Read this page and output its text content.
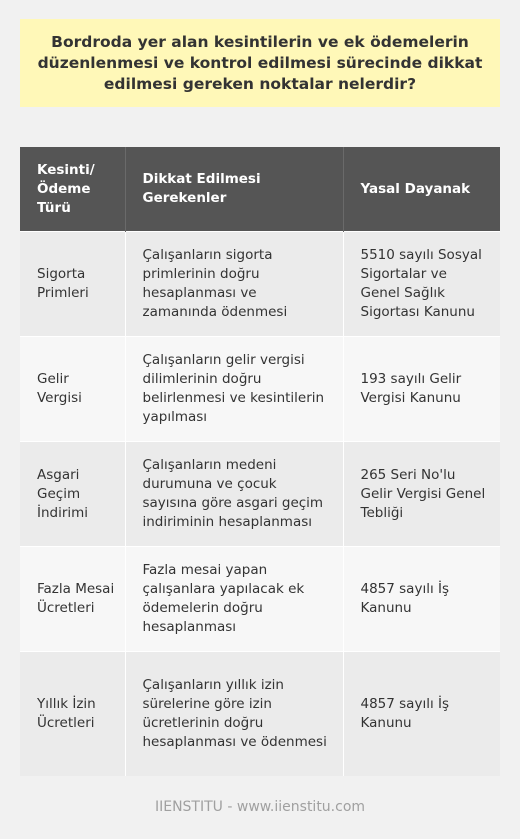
Bordroda yer alan kesintilerin ve ek ödemelerin düzenlenmesi ve kontrol edilmesi sürecinde dikkat edilmesi gereken noktalar nelerdir?
Kesinti/ Ödeme Türü	Dikkat Edilmesi Gerekenler	Yasal Dayanak
Sigorta Primleri	Çalışanların sigorta primlerinin doğru hesaplanması ve zamanında ödenmesi	5510 sayılı Sosyal Sigortalar ve Genel Sağlık Sigortası Kanunu
Gelir Vergisi	Çalışanların gelir vergisi dilimlerinin doğru belirlenmesi ve kesintilerin yapılması	193 sayılı Gelir Vergisi Kanunu
Asgari Geçim İndirimi	Çalışanların medeni durumuna ve çocuk sayısına göre asgari geçim indiriminin hesaplanması	265 Seri No'lu Gelir Vergisi Genel Tebliği
Fazla Mesai Ücretleri	Fazla mesai yapan çalışanlara yapılacak ek ödemelerin doğru hesaplanması	4857 sayılı İş Kanunu
Yıllık İzin Ücretleri	Çalışanların yıllık izin sürelerine göre izin ücretlerinin doğru hesaplanması ve ödenmesi	4857 sayılı İş Kanunu
IIENSTITU - www.iienstitu.com
